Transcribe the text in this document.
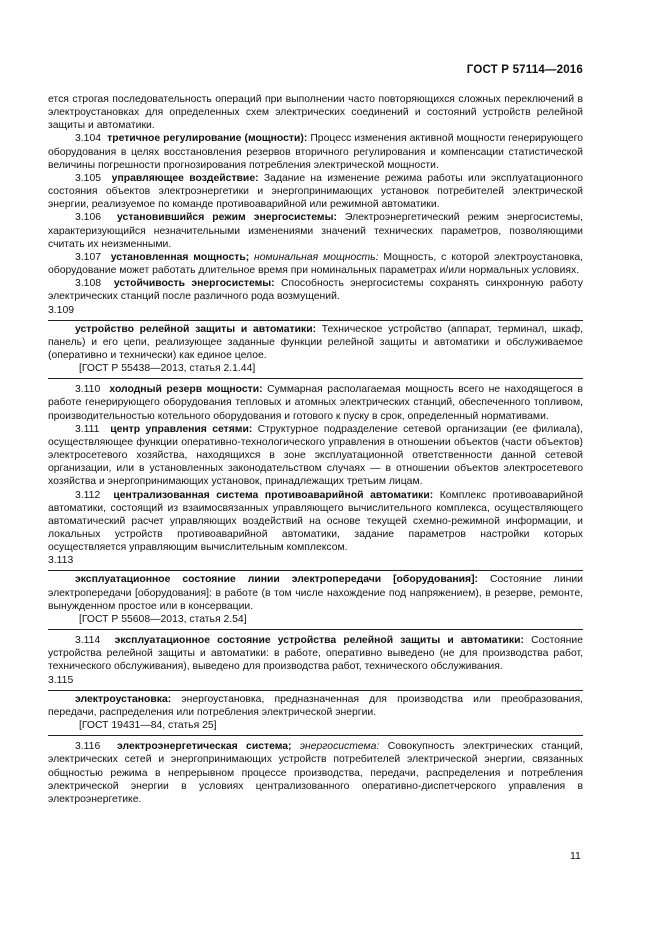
ГОСТ Р 57114—2016

ется строгая последовательность операций при выполнении часто повторяющихся сложных переключений в электроустановках для определенных схем электрических соединений и состояний устройств релейной защиты и автоматики.

3.104 третичное регулирование (мощности): Процесс изменения активной мощности генерирующего оборудования в целях восстановления резервов вторичного регулирования и компенсации статистической величины погрешности прогнозирования потребления электрической мощности.

3.105 управляющее воздействие: Задание на изменение режима работы или эксплуатационного состояния объектов электроэнергетики и энергопринимающих установок потребителей электрической энергии, реализуемое по команде противоаварийной или режимной автоматики.

3.106 установившийся режим энергосистемы: Электроэнергетический режим энергосистемы, характеризующийся незначительными изменениями значений технических параметров, позволяющими считать их неизменными.

3.107 установленная мощность; номинальная мощность: Мощность, с которой электроустановка, оборудование может работать длительное время при номинальных параметрах и/или нормальных условиях.

3.108 устойчивость энергосистемы: Способность энергосистемы сохранять синхронную работу электрических станций после различного рода возмущений.

3.109

устройство релейной защиты и автоматики: Техническое устройство (аппарат, терминал, шкаф, панель) и его цепи, реализующее заданные функции релейной защиты и автоматики и обслуживаемое (оперативно и технически) как единое целое.

[ГОСТ Р 55438—2013, статья 2.1.44]

3.110 холодный резерв мощности: Суммарная располагаемая мощность всего не находящегося в работе генерирующего оборудования тепловых и атомных электрических станций, обеспеченного топливом, производительностью котельного оборудования и готового к пуску в срок, определенный нормативами.

3.111 центр управления сетями: Структурное подразделение сетевой организации (ее филиала), осуществляющее функции оперативно-технологического управления в отношении объектов (части объектов) электросетевого хозяйства, находящихся в зоне эксплуатационной ответственности данной сетевой организации, или в установленных законодательством случаях — в отношении объектов электросетевого хозяйства и энергопринимающих установок, принадлежащих третьим лицам.

3.112 централизованная система противоаварийной автоматики: Комплекс противоаварийной автоматики, состоящий из взаимосвязанных управляющего вычислительного комплекса, осуществляющего автоматический расчет управляющих воздействий на основе текущей схемно-режимной информации, и локальных устройств противоаварийной автоматики, задание параметров настройки которых осуществляется управляющим вычислительным комплексом.

3.113

эксплуатационное состояние линии электропередачи [оборудования]: Состояние линии электропередачи [оборудования]: в работе (в том числе нахождение под напряжением), в резерве, ремонте, вынужденном простое или в консервации.

[ГОСТ Р 55608—2013, статья 2.54]

3.114 эксплуатационное состояние устройства релейной защиты и автоматики: Состояние устройства релейной защиты и автоматики: в работе, оперативно выведено (не для производства работ, технического обслуживания), выведено для производства работ, технического обслуживания.

3.115

электроустановка: энергоустановка, предназначенная для производства или преобразования, передачи, распределения или потребления электрической энергии.

[ГОСТ 19431—84, статья 25]

3.116 электроэнергетическая система; энергосистема: Совокупность электрических станций, электрических сетей и энергопринимающих устройств потребителей электрической энергии, связанных общностью режима в непрерывном процессе производства, передачи, распределения и потребления электрической энергии в условиях централизованного оперативно-диспетчерского управления в электроэнергетике.

11
